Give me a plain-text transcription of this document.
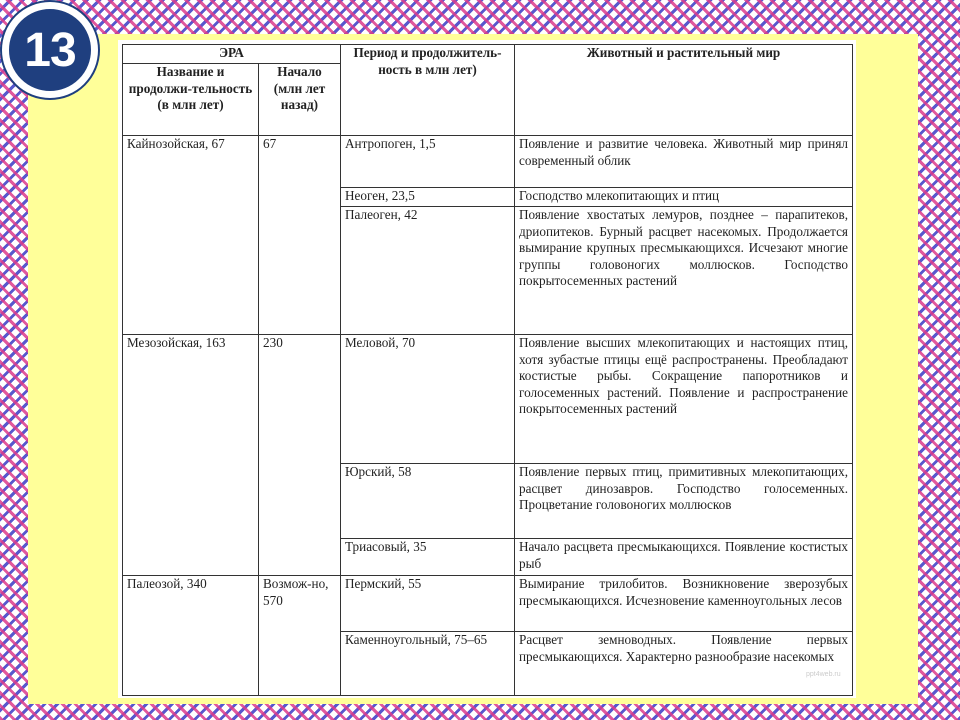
13	ЭРА		Период и продолжитель-ность в млн лет)	Животный и растительный мир
Название и продолжи-тельность (в млн лет)	Начало (млн лет назад)		
Кайнозойская, 67	67	Антропоген, 1,5	Появление и развитие человека. Животный мир принял современный облик
		Неоген, 23,5	Господство млекопитающих и птиц
		Палеоген, 42	Появление хвостатых лемуров, позднее – парапитеков, дриопитеков. Бурный расцвет насекомых. Продолжается вымирание крупных пресмыкающихся. Исчезают многие группы головоногих моллюсков. Господство покрытосеменных растений
Мезозойская, 163	230	Меловой, 70	Появление высших млекопитающих и настоящих птиц, хотя зубастые птицы ещё распространены. Преобладают костистые рыбы. Сокращение папоротников и голосеменных растений. Появление и распространение покрытосеменных растений
		Юрский, 58	Появление первых птиц, примитивных млекопитающих, расцвет динозавров. Господство голосеменных. Процветание головоногих моллюсков
		Триасовый, 35	Начало расцвета пресмыкающихся. Появление костистых рыб
Палеозой, 340	Возмож-но, 570	Пермский, 55	Вымирание трилобитов. Возникновение зверозубых пресмыкающихся. Исчезновение каменноугольных лесов
		Каменноугольный, 75–65	Расцвет земноводных. Появление первых пресмыкающихся. Характерно разнообразие насекомых
ppt4web.ru
